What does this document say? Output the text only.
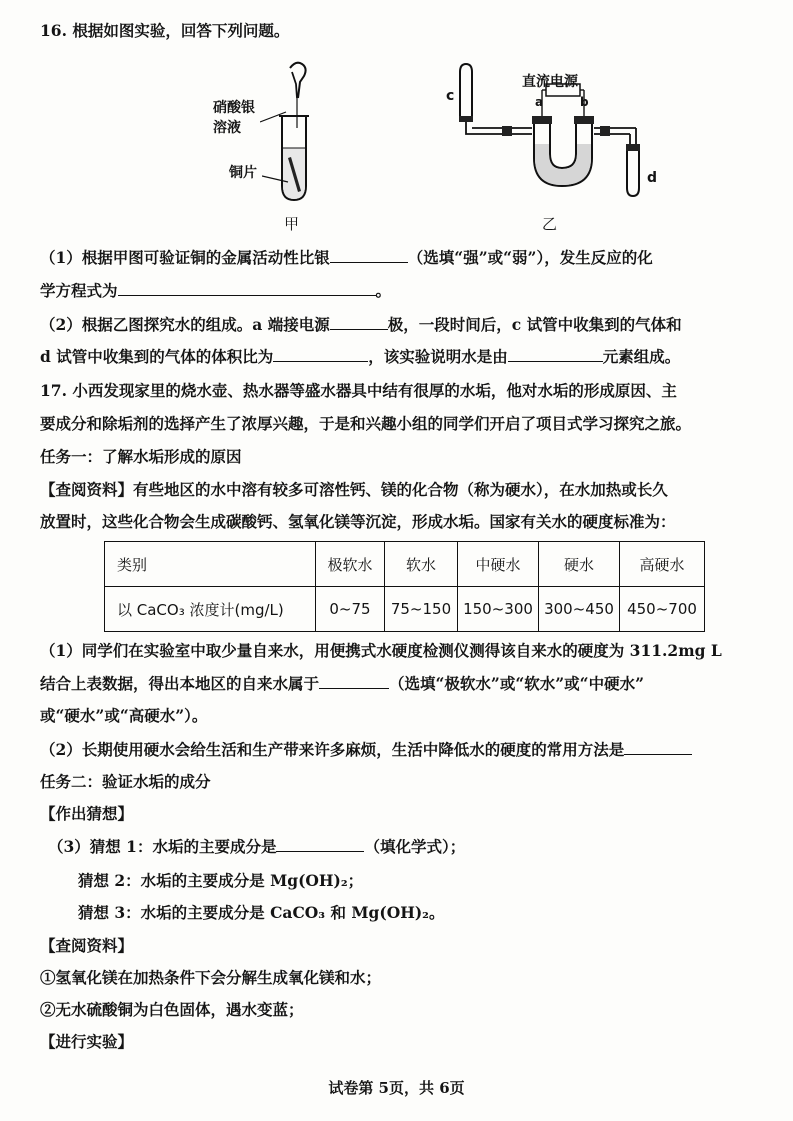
16. 根据如图实验，回答下列问题。
硝酸银
溶液
铜片
甲
直流电源
a	b
c
d
乙
（1）根据甲图可验证铜的金属活动性比银	（选填“强”或“弱”），发生反应的化
学方程式为	。
（2）根据乙图探究水的组成。a 端接电源	极，一段时间后，c 试管中收集到的气体和
d 试管中收集到的气体的体积比为	，该实验说明水是由	元素组成。
17. 小西发现家里的烧水壶、热水器等盛水器具中结有很厚的水垢，他对水垢的形成原因、主
要成分和除垢剂的选择产生了浓厚兴趣，于是和兴趣小组的同学们开启了项目式学习探究之旅。
任务一：了解水垢形成的原因
【查阅资料】有些地区的水中溶有较多可溶性钙、镁的化合物（称为硬水），在水加热或长久
放置时，这些化合物会生成碳酸钙、氢氧化镁等沉淀，形成水垢。国家有关水的硬度标准为：
类别	极软水	软水	中硬水	硬水	高硬水
以 CaCO₃ 浓度计(mg/L)	0~75	75~150	150~300	300~450	450~700
（1）同学们在实验室中取少量自来水，用便携式水硬度检测仪测得该自来水的硬度为 311.2mg L
结合上表数据，得出本地区的自来水属于	（选填“极软水”或“软水”或“中硬水”
或“硬水”或“高硬水”）。
（2）长期使用硬水会给生活和生产带来许多麻烦，生活中降低水的硬度的常用方法是
任务二：验证水垢的成分
【作出猜想】
（3）猜想 1：水垢的主要成分是	（填化学式）；
猜想 2：水垢的主要成分是 Mg(OH)₂；
猜想 3：水垢的主要成分是 CaCO₃ 和 Mg(OH)₂。
【查阅资料】
①氢氧化镁在加热条件下会分解生成氧化镁和水；
②无水硫酸铜为白色固体，遇水变蓝；
【进行实验】
试卷第 5页，共 6页
